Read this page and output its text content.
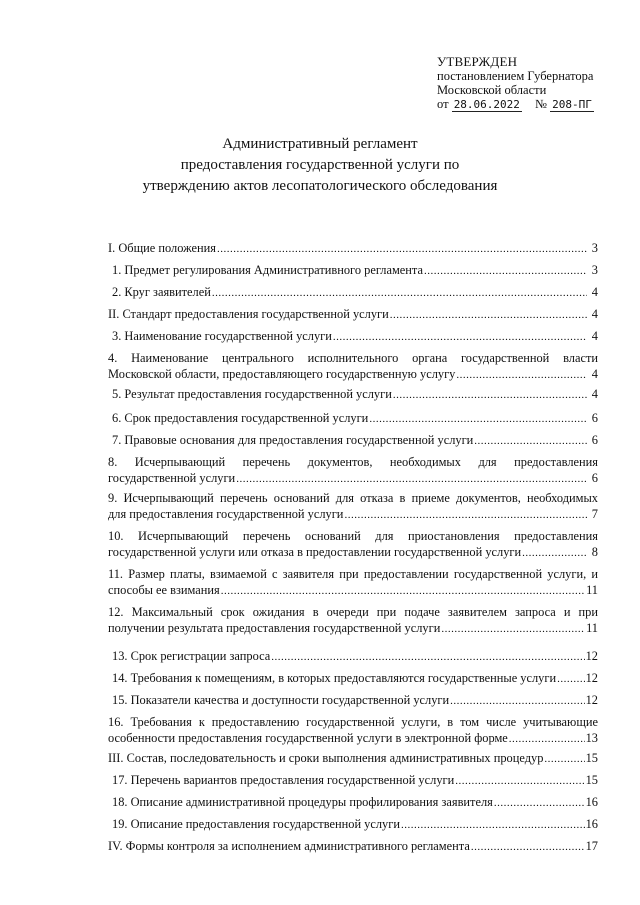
УТВЕРЖДЕН
постановлением Губернатора
Московской области
от 28.06.2022 № 208-ПГ
Административный регламент
предоставления государственной услуги по
утверждению актов лесопатологического обследования
I. Общие положения .....	3
1. Предмет регулирования Административного регламента .....	3
2. Круг заявителей .....	4
II. Стандарт предоставления государственной услуги .....	4
3. Наименование государственной услуги .....	4
4. Наименование центрального исполнительного органа государственной власти
Московской области, предоставляющего государственную услугу .....	4
5. Результат предоставления государственной услуги .....	4
6. Срок предоставления государственной услуги .....	6
7. Правовые основания для предоставления государственной услуги .....	6
8. Исчерпывающий перечень документов, необходимых для предоставления
государственной услуги .....	6
9. Исчерпывающий перечень оснований для отказа в приеме документов, необходимых
для предоставления государственной услуги .....	7
10. Исчерпывающий перечень оснований для приостановления предоставления
государственной услуги или отказа в предоставлении государственной услуги .....	8
11. Размер платы, взимаемой с заявителя при предоставлении государственной услуги, и
способы ее взимания .....	11
12. Максимальный срок ожидания в очереди при подаче заявителем запроса и при
получении результата предоставления государственной услуги .....	11
13. Срок регистрации запроса .....	12
14. Требования к помещениям, в которых предоставляются государственные услуги ..... 12
15. Показатели качества и доступности государственной услуги .....	12
16. Требования к предоставлению государственной услуги, в том числе учитывающие
особенности предоставления государственной услуги в электронной форме .....	13
III. Состав, последовательность и сроки выполнения административных процедур .....	15
17. Перечень вариантов предоставления государственной услуги .....	15
18. Описание административной процедуры профилирования заявителя .....	16
19. Описание предоставления государственной услуги .....	16
IV. Формы контроля за исполнением административного регламента .....	17
